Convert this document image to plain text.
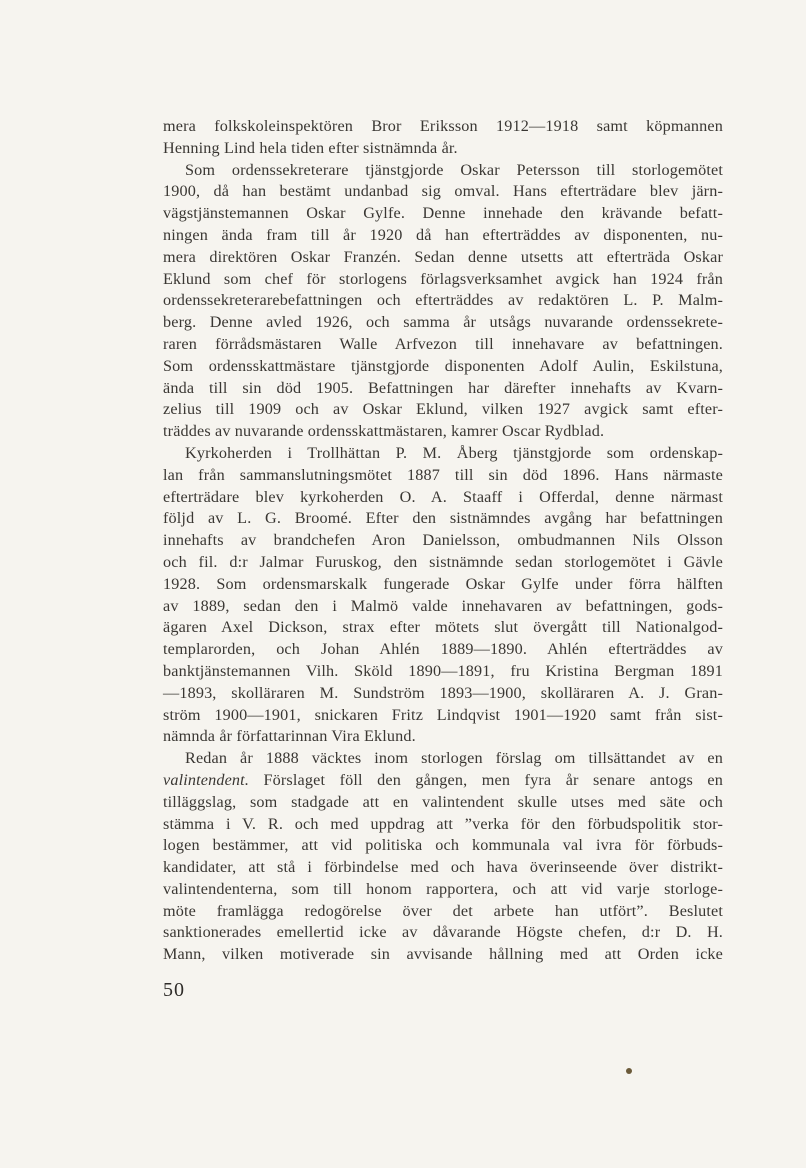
mera folkskoleinspektören Bror Eriksson 1912—1918 samt köpmannen
Henning Lind hela tiden efter sistnämnda år.
Som ordenssekreterare tjänstgjorde Oskar Petersson till storlogemötet
1900, då han bestämt undanbad sig omval. Hans efterträdare blev järn-
vägstjänstemannen Oskar Gylfe. Denne innehade den krävande befatt-
ningen ända fram till år 1920 då han efterträddes av disponenten, nu-
mera direktören Oskar Franzén. Sedan denne utsetts att efterträda Oskar
Eklund som chef för storlogens förlagsverksamhet avgick han 1924 från
ordenssekreterarebefattningen och efterträddes av redaktören L. P. Malm-
berg. Denne avled 1926, och samma år utsågs nuvarande ordenssekrete-
raren förrådsmästaren Walle Arfvezon till innehavare av befattningen.
Som ordensskattmästare tjänstgjorde disponenten Adolf Aulin, Eskilstuna,
ända till sin död 1905. Befattningen har därefter innehafts av Kvarn-
zelius till 1909 och av Oskar Eklund, vilken 1927 avgick samt efter-
träddes av nuvarande ordensskattmästaren, kamrer Oscar Rydblad.
Kyrkoherden i Trollhättan P. M. Åberg tjänstgjorde som ordenskap-
lan från sammanslutningsmötet 1887 till sin död 1896. Hans närmaste
efterträdare blev kyrkoherden O. A. Staaff i Offerdal, denne närmast
följd av L. G. Broomé. Efter den sistnämndes avgång har befattningen
innehafts av brandchefen Aron Danielsson, ombudmannen Nils Olsson
och fil. d:r Jalmar Furuskog, den sistnämnde sedan storlogemötet i Gävle
1928. Som ordensmarskalk fungerade Oskar Gylfe under förra hälften
av 1889, sedan den i Malmö valde innehavaren av befattningen, gods-
ägaren Axel Dickson, strax efter mötets slut övergått till Nationalgod-
templarorden, och Johan Ahlén 1889—1890. Ahlén efterträddes av
banktjänstemannen Vilh. Sköld 1890—1891, fru Kristina Bergman 1891
—1893, skolläraren M. Sundström 1893—1900, skolläraren A. J. Gran-
ström 1900—1901, snickaren Fritz Lindqvist 1901—1920 samt från sist-
nämnda år författarinnan Vira Eklund.
Redan år 1888 väcktes inom storlogen förslag om tillsättandet av en
valintendent. Förslaget föll den gången, men fyra år senare antogs en
tilläggslag, som stadgade att en valintendent skulle utses med säte och
stämma i V. R. och med uppdrag att ”verka för den förbudspolitik stor-
logen bestämmer, att vid politiska och kommunala val ivra för förbuds-
kandidater, att stå i förbindelse med och hava överinseende över distrikt-
valintendenterna, som till honom rapportera, och att vid varje storloge-
möte framlägga redogörelse över det arbete han utfört”. Beslutet
sanktionerades emellertid icke av dåvarande Högste chefen, d:r D. H.
Mann, vilken motiverade sin avvisande hållning med att Orden icke
50
